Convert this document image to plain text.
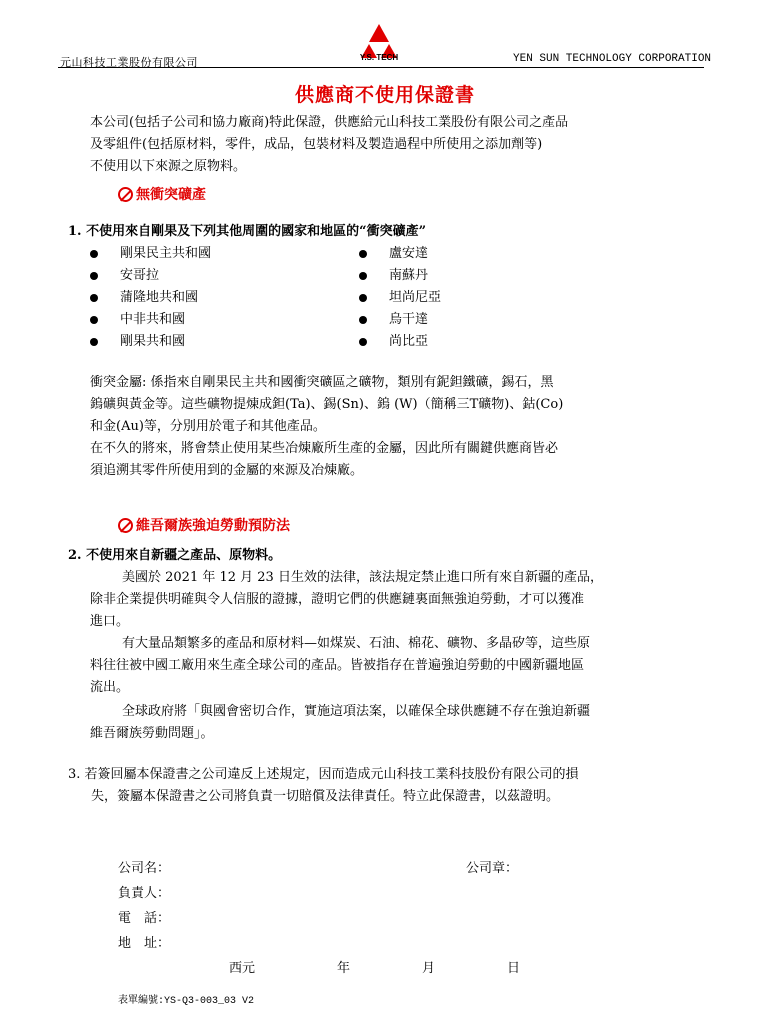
元山科技工業股份有限公司	Y.S. TECH	YEN SUN TECHNOLOGY CORPORATION
供應商不使用保證書
本公司(包括子公司和協力廠商)特此保證，供應給元山科技工業股份有限公司之產品
及零組件(包括原材料，零件，成品，包裝材料及製造過程中所使用之添加劑等)
不使用以下來源之原物料。
無衝突礦產
1. 不使用來自剛果及下列其他周圍的國家和地區的“衝突礦產”
剛果民主共和國
安哥拉
蒲隆地共和國
中非共和國
剛果共和國
盧安達
南蘇丹
坦尚尼亞
烏干達
尚比亞
衝突金屬: 係指來自剛果民主共和國衝突礦區之礦物，類別有鈮鉭鐵礦，錫石，黑
鎢礦與黃金等。這些礦物提煉成鉭(Ta)、錫(Sn)、鎢 (W)（簡稱三T礦物)、鈷(Co)
和金(Au)等，分別用於電子和其他產品。
在不久的將來，將會禁止使用某些冶煉廠所生產的金屬，因此所有關鍵供應商皆必
須追溯其零件所使用到的金屬的來源及冶煉廠。
維吾爾族強迫勞動預防法
2. 不使用來自新疆之產品、原物料。
美國於 2021 年 12 月 23 日生效的法律，該法規定禁止進口所有來自新疆的產品，
除非企業提供明確與令人信服的證據，證明它們的供應鏈裏面無強迫勞動，才可以獲准
進口。
有大量品類繁多的產品和原材料—如煤炭、石油、棉花、礦物、多晶矽等，這些原
料往往被中國工廠用來生產全球公司的產品。皆被指存在普遍強迫勞動的中國新疆地區
流出。
全球政府將「與國會密切合作，實施這項法案，以確保全球供應鏈不存在強迫新疆
維吾爾族勞動問題」。
3. 若簽回屬本保證書之公司違反上述規定，因而造成元山科技工業科技股份有限公司的損
失，簽屬本保證書之公司將負責一切賠償及法律責任。特立此保證書，以茲證明。
公司名：	公司章：
負責人：
電　話：
地　址：
西元	年	月	日
表單編號:YS-Q3-003_03 V2
